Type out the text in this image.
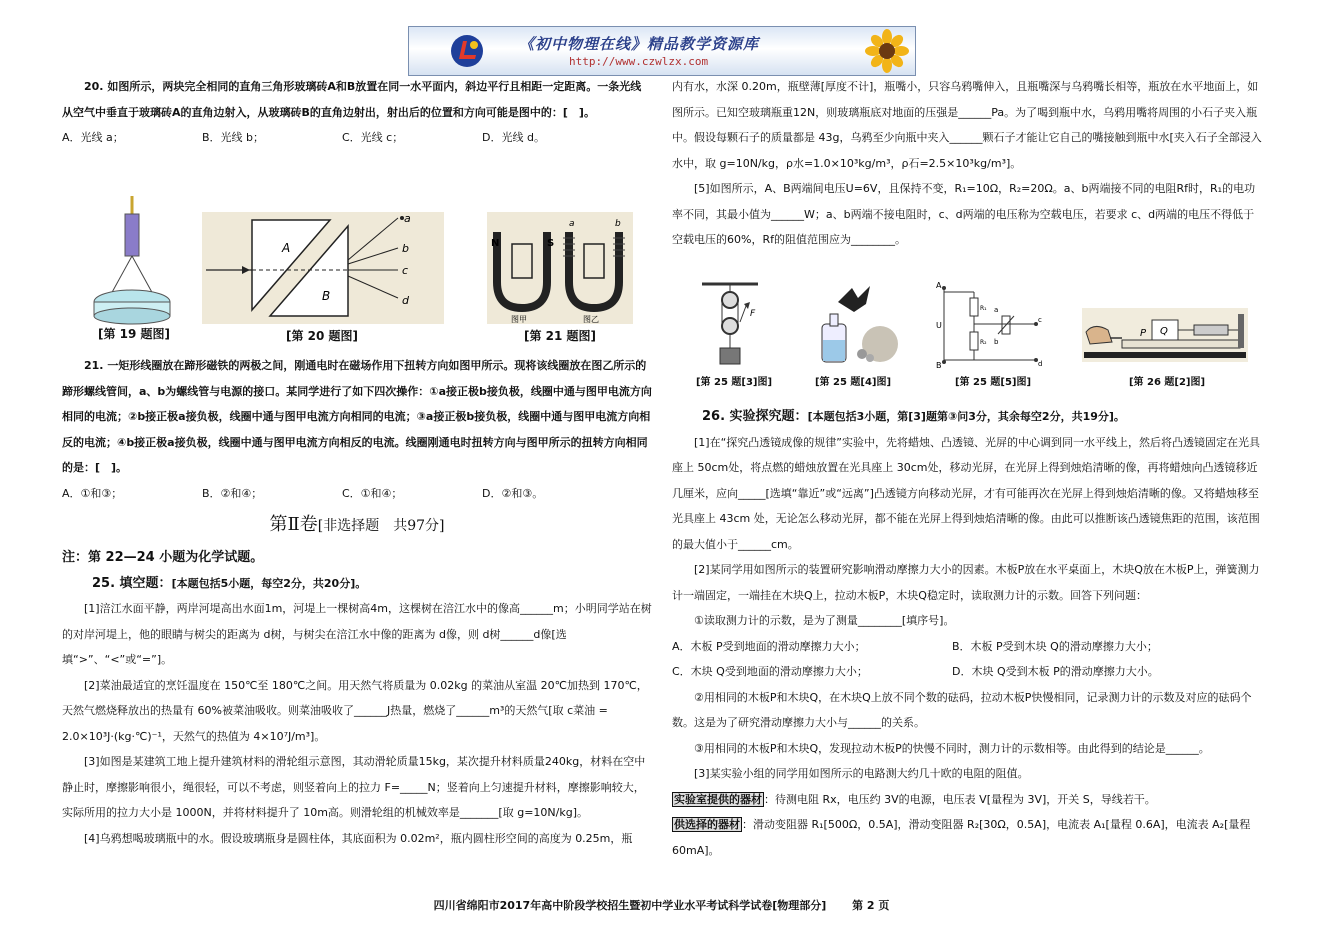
《初中物理在线》精品教学资源库
http://www.czwlzx.com

20. 如图所示，两块完全相同的直角三角形玻璃砖A和B放置在同一水平面内，斜边平行且相距一定距离。一条光线从空气中垂直于玻璃砖A的直角边射入，从玻璃砖B的直角边射出，射出后的位置和方向可能是图中的：[　]。

A．光线 a；	B．光线 b；	C．光线 c；	D．光线 d。
[第 19 题图]
A
B
b
c
d
a
[第 20 题图]
N	S
a	b
图甲	图乙
[第 21 题图]

21. 一矩形线圈放在蹄形磁铁的两极之间，刚通电时在磁场作用下扭转方向如图甲所示。现将该线圈放在图乙所示的蹄形螺线管间，a、b为螺线管与电源的接口。某同学进行了如下四次操作：①a接正极b接负极，线圈中通与图甲电流方向相同的电流；②b接正极a接负极，线圈中通与图甲电流方向相同的电流；③a接正极b接负极，线圈中通与图甲电流方向相反的电流；④b接正极a接负极，线圈中通与图甲电流方向相反的电流。线圈刚通电时扭转方向与图甲所示的扭转方向相同的是：[　]。

A．①和③；	B．②和④；	C．①和④；	D．②和③。
第Ⅱ卷[非选择题　共97分]

注：第 22—24 小题为化学试题。

25. 填空题：[本题包括5小题，每空2分，共20分]。

[1]涪江水面平静，两岸河堤高出水面1m，河堤上一棵树高4m，这棵树在涪江水中的像高______m；小明同学站在树的对岸河堤上，他的眼睛与树尖的距离为 d树，与树尖在涪江水中像的距离为 d像，则 d树______d像[选填“>”、“<”或“=”]。

[2]菜油最适宜的烹饪温度在 150℃至 180℃之间。用天然气将质量为 0.02kg 的菜油从室温 20℃加热到 170℃，天然气燃烧释放出的热量有 60%被菜油吸收。则菜油吸收了______J热量，燃烧了______m³的天然气[取 c菜油 = 2.0×10³J·(kg·℃)⁻¹，天然气的热值为 4×10⁷J/m³]。

[3]如图是某建筑工地上提升建筑材料的滑轮组示意图，其动滑轮质量15kg，某次提升材料质量240kg，材料在空中静止时，摩擦影响很小，绳很轻，可以不考虑，则竖着向上的拉力 F=_____N；竖着向上匀速提升材料，摩擦影响较大，实际所用的拉力大小是 1000N，并将材料提升了 10m高。则滑轮组的机械效率是_______[取 g=10N/kg]。

[4]乌鸦想喝玻璃瓶中的水。假设玻璃瓶身是圆柱体，其底面积为 0.02m²，瓶内圆柱形空间的高度为 0.25m，瓶

内有水，水深 0.20m，瓶壁薄[厚度不计]，瓶嘴小，只容乌鸦嘴伸入，且瓶嘴深与乌鸦嘴长相等，瓶放在水平地面上，如图所示。已知空玻璃瓶重12N，则玻璃瓶底对地面的压强是______Pa。为了喝到瓶中水，乌鸦用嘴将周围的小石子夹入瓶中。假设每颗石子的质量都是 43g，乌鸦至少向瓶中夹入______颗石子才能让它自己的嘴接触到瓶中水[夹入石子全部浸入水中，取 g=10N/kg，ρ水=1.0×10³kg/m³，ρ石=2.5×10³kg/m³]。

[5]如图所示，A、B两端间电压U=6V，且保持不变，R₁=10Ω，R₂=20Ω。a、b两端接不同的电阻Rf时，R₁的电功率不同，其最小值为______W；a、b两端不接电阻时，c、d两端的电压称为空载电压，若要求 c、d两端的电压不得低于空载电压的60%，Rf的阻值范围应为________。

F
[第 25 题[3]图]	[第 25 题[4]图]
A
B
U
R₁
R₂
c
d
a
b
[第 25 题[5]图]
P Q
[第 26 题[2]图]

26. 实验探究题：[本题包括3小题，第[3]题第③问3分，其余每空2分，共19分]。

[1]在“探究凸透镜成像的规律”实验中，先将蜡烛、凸透镜、光屏的中心调到同一水平线上，然后将凸透镜固定在光具座上 50cm处，将点燃的蜡烛放置在光具座上 30cm处，移动光屏，在光屏上得到烛焰清晰的像，再将蜡烛向凸透镜移近几厘米，应向_____[选填“靠近”或“远离”]凸透镜方向移动光屏，才有可能再次在光屏上得到烛焰清晰的像。又将蜡烛移至光具座上 43cm 处，无论怎么移动光屏，都不能在光屏上得到烛焰清晰的像。由此可以推断该凸透镜焦距的范围，该范围的最大值小于______cm。

[2]某同学用如图所示的装置研究影响滑动摩擦力大小的因素。木板P放在水平桌面上，木块Q放在木板P上，弹簧测力计一端固定，一端挂在木块Q上，拉动木板P，木块Q稳定时，读取测力计的示数。回答下列问题：

①读取测力计的示数，是为了测量________[填序号]。

A．木板 P受到地面的滑动摩擦力大小；	B．木板 P受到木块 Q的滑动摩擦力大小；
C．木块 Q受到地面的滑动摩擦力大小；	D．木块 Q受到木板 P的滑动摩擦力大小。

②用相同的木板P和木块Q，在木块Q上放不同个数的砝码，拉动木板P快慢相同，记录测力计的示数及对应的砝码个数。这是为了研究滑动摩擦力大小与______的关系。

③用相同的木板P和木块Q，发现拉动木板P的快慢不同时，测力计的示数相等。由此得到的结论是______。

[3]某实验小组的同学用如图所示的电路测大约几十欧的电阻的阻值。

实验室提供的器材 ：待测电阻 Rx，电压约 3V的电源，电压表 V[量程为 3V]，开关 S，导线若干。

供选择的器材 ：滑动变阻器 R₁[500Ω，0.5A]，滑动变阻器 R₂[30Ω，0.5A]，电流表 A₁[量程 0.6A]，电流表 A₂[量程 60mA]。

四川省绵阳市2017年高中阶段学校招生暨初中学业水平考试科学试卷[物理部分] 第 2 页
